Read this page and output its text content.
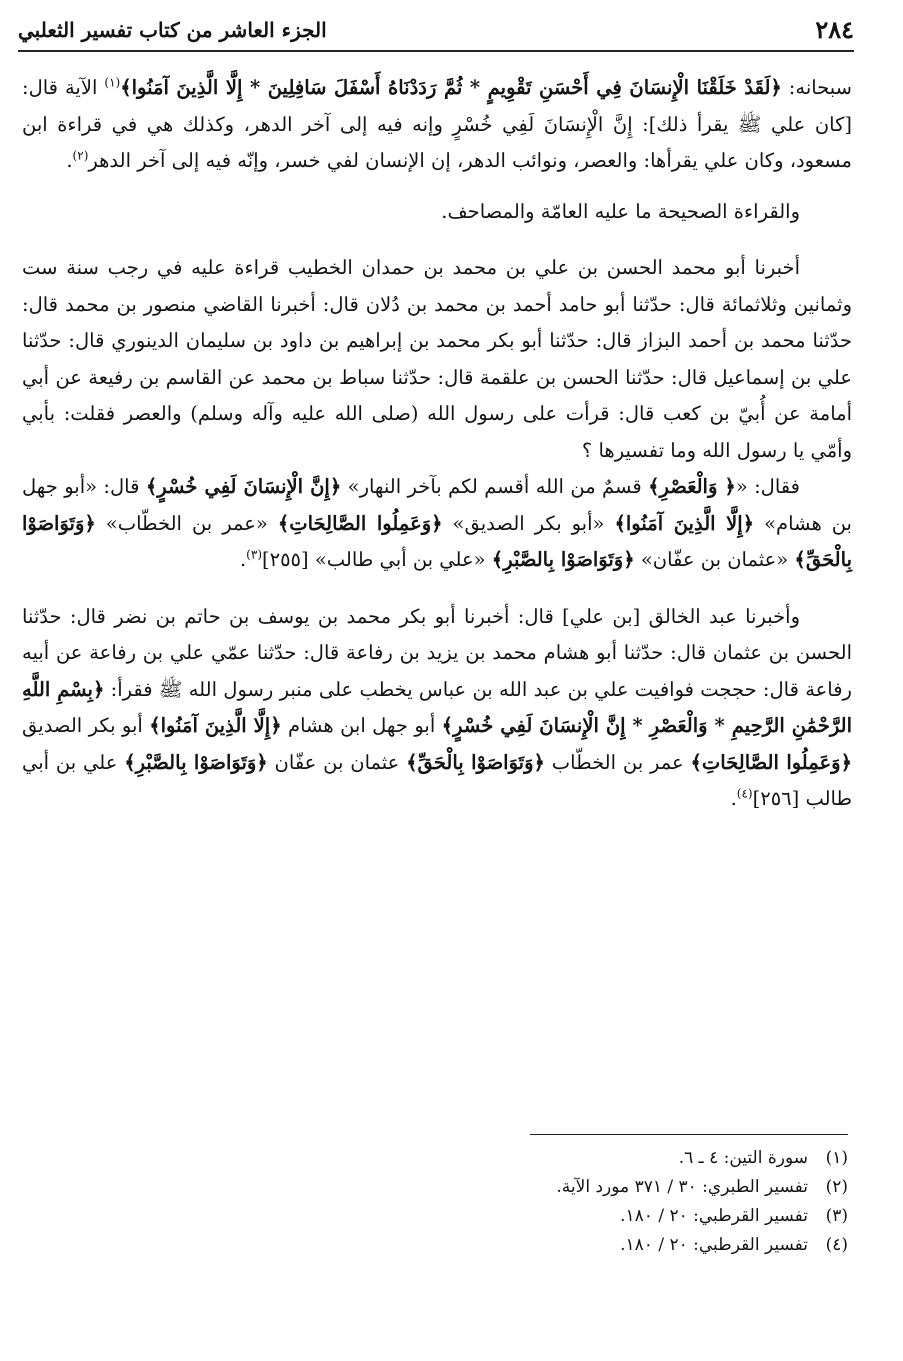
٢٨٤
الجزء العاشر من كتاب تفسير الثعلبي

سبحانه: ﴿لَقَدْ خَلَقْنَا الْإِنسَانَ فِي أَحْسَنِ تَقْوِيمٍ * ثُمَّ رَدَدْنَاهُ أَسْفَلَ سَافِلِينَ * إِلَّا الَّذِينَ آمَنُوا﴾$^{(١)}$ الآية قال: [كان علي ﷺ يقرأ ذلك]: إِنَّ الْإِنسَانَ لَفِي خُسْرٍ وإنه فيه إلى آخر الدهر، وكذلك هي في قراءة ابن مسعود، وكان علي يقرأها: والعصر، ونوائب الدهر، إن الإنسان لفي خسر، وإنّه فيه إلى آخر الدهر$^{(٢)}$.

والقراءة الصحيحة ما عليه العامّة والمصاحف.

أخبرنا أبو محمد الحسن بن علي بن محمد بن حمدان الخطيب قراءة عليه في رجب سنة ست وثمانين وثلاثمائة قال: حدّثنا أبو حامد أحمد بن محمد بن دُلان قال: أخبرنا القاضي منصور بن محمد قال: حدّثنا محمد بن أحمد البزاز قال: حدّثنا أبو بكر محمد بن إبراهيم بن داود بن سليمان الدينوري قال: حدّثنا علي بن إسماعيل قال: حدّثنا الحسن بن علقمة قال: حدّثنا سباط بن محمد عن القاسم بن رفيعة عن أبي أمامة عن أُبيّ بن كعب قال: قرأت على رسول الله (صلى الله عليه وآله وسلم) والعصر فقلت: بأبي وأمّي يا رسول الله وما تفسيرها ؟

فقال: «﴿ وَالْعَصْرِ﴾ قسمٌ من الله أقسم لكم بآخر النهار» ﴿إِنَّ الْإِنسَانَ لَفِي خُسْرٍ﴾ قال: «أبو جهل بن هشام» ﴿إِلَّا الَّذِينَ آمَنُوا﴾ «أبو بكر الصديق» ﴿وَعَمِلُوا الصَّالِحَاتِ﴾ «عمر بن الخطّاب» ﴿وَتَوَاصَوْا بِالْحَقِّ﴾ «عثمان بن عفّان» ﴿وَتَوَاصَوْا بِالصَّبْرِ﴾ «علي بن أبي طالب» [٢٥٥]$^{(٣)}$.

وأخبرنا عبد الخالق [بن علي] قال: أخبرنا أبو بكر محمد بن يوسف بن حاتم بن نضر قال: حدّثنا الحسن بن عثمان قال: حدّثنا أبو هشام محمد بن يزيد بن رفاعة قال: حدّثنا عمّي علي بن رفاعة عن أبيه رفاعة قال: حججت فوافيت علي بن عبد الله بن عباس يخطب على منبر رسول الله ﷺ فقرأ: ﴿بِسْمِ اللَّهِ الرَّحْمَٰنِ الرَّحِيمِ * وَالْعَصْرِ * إِنَّ الْإِنسَانَ لَفِي خُسْرٍ﴾ أبو جهل ابن هشام ﴿إِلَّا الَّذِينَ آمَنُوا﴾ أبو بكر الصديق ﴿وَعَمِلُوا الصَّالِحَاتِ﴾ عمر بن الخطّاب ﴿وَتَوَاصَوْا بِالْحَقِّ﴾ عثمان بن عفّان ﴿وَتَوَاصَوْا بِالصَّبْرِ﴾ علي بن أبي طالب [٢٥٦]$^{(٤)}$.

(١)سورة التين: ٤ ـ ٦.
(٢)تفسير الطبري: ٣٠ / ٣٧١ مورد الآية.
(٣)تفسير القرطبي: ٢٠ / ١٨٠.
(٤)تفسير القرطبي: ٢٠ / ١٨٠.
